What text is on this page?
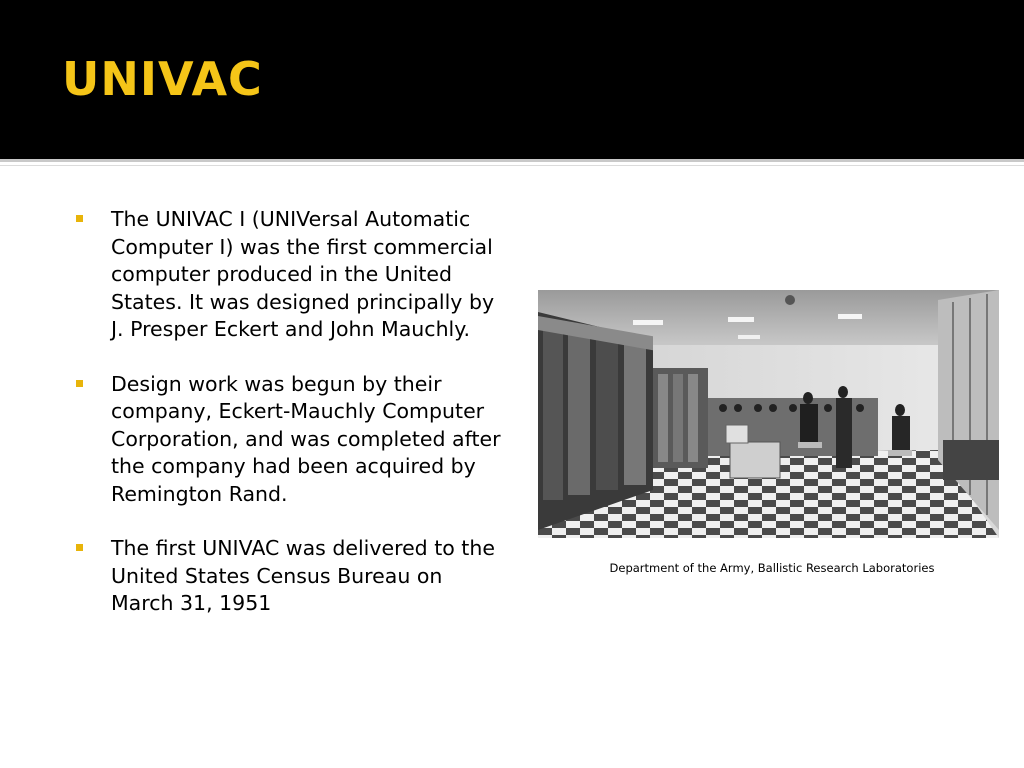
UNIVAC
The UNIVAC I (UNIVersal Automatic Computer I) was the first commercial computer produced in the United States. It was designed principally by J. Presper Eckert and John Mauchly.
Design work was begun by their company, Eckert-Mauchly Computer Corporation, and was completed after the company had been acquired by Remington Rand.
The first UNIVAC was delivered to the United States Census Bureau on March 31, 1951
Department of the Army, Ballistic Research Laboratories
